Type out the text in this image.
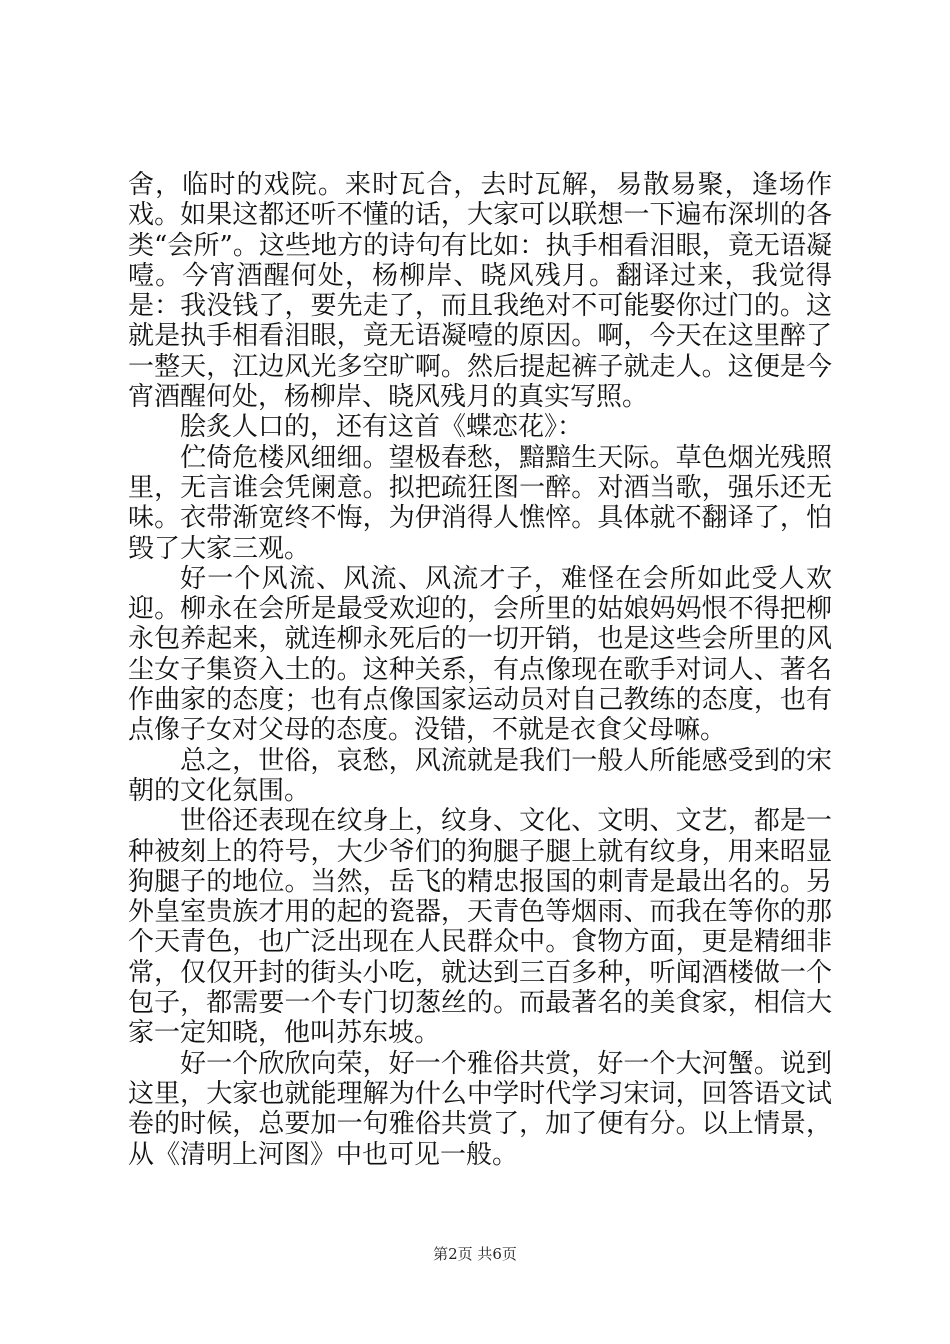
舍，临时的戏院。来时瓦合，去时瓦解，易散易聚，逢场作戏。如果这都还听不懂的话，大家可以联想一下遍布深圳的各类“会所”。这些地方的诗句有比如：执手相看泪眼，竟无语凝噎。今宵酒醒何处，杨柳岸、晓风残月。翻译过来，我觉得是：我没钱了，要先走了，而且我绝对不可能娶你过门的。这就是执手相看泪眼，竟无语凝噎的原因。啊，今天在这里醉了一整天，江边风光多空旷啊。然后提起裤子就走人。这便是今宵酒醒何处，杨柳岸、晓风残月的真实写照。

脍炙人口的，还有这首《蝶恋花》：

伫倚危楼风细细。望极春愁，黯黯生天际。草色烟光残照里，无言谁会凭阑意。拟把疏狂图一醉。对酒当歌，强乐还无味。衣带渐宽终不悔，为伊消得人憔悴。具体就不翻译了，怕毁了大家三观。

好一个风流、风流、风流才子，难怪在会所如此受人欢迎。柳永在会所是最受欢迎的，会所里的姑娘妈妈恨不得把柳永包养起来，就连柳永死后的一切开销，也是这些会所里的风尘女子集资入土的。这种关系，有点像现在歌手对词人、著名作曲家的态度；也有点像国家运动员对自己教练的态度，也有点像子女对父母的态度。没错，不就是衣食父母嘛。

总之，世俗，哀愁，风流就是我们一般人所能感受到的宋朝的文化氛围。

世俗还表现在纹身上，纹身、文化、文明、文艺，都是一种被刻上的符号，大少爷们的狗腿子腿上就有纹身，用来昭显狗腿子的地位。当然，岳飞的精忠报国的刺青是最出名的。另外皇室贵族才用的起的瓷器，天青色等烟雨、而我在等你的那个天青色，也广泛出现在人民群众中。食物方面，更是精细非常，仅仅开封的街头小吃，就达到三百多种，听闻酒楼做一个包子，都需要一个专门切葱丝的。而最著名的美食家，相信大家一定知晓，他叫苏东坡。

好一个欣欣向荣，好一个雅俗共赏，好一个大河蟹。说到这里，大家也就能理解为什么中学时代学习宋词，回答语文试卷的时候，总要加一句雅俗共赏了，加了便有分。以上情景，从《清明上河图》中也可见一般。

第2页 共6页
